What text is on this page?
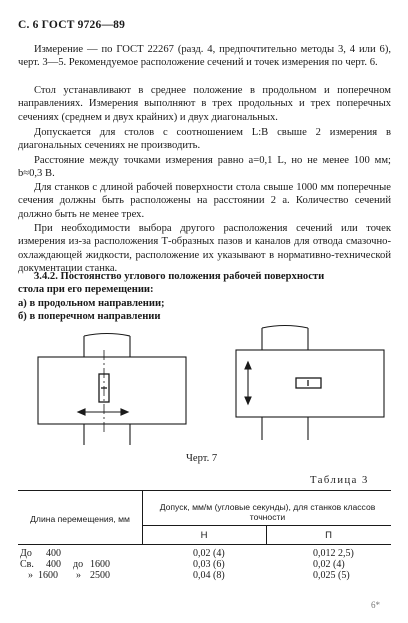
С. 6 ГОСТ 9726—89

Измерение — по ГОСТ 22267 (разд. 4, предпочтительно методы 3, 4 или 6), черт. 3—5. Рекомендуемое расположение сечений и точек измерения по черт. 6.

Стол устанавливают в среднее положение в продольном и поперечном направлениях. Измерения выполняют в трех продольных и трех поперечных сечениях (среднем и двух крайних) и двух диагональных.

Допускается для столов с соотношением L:B свыше 2 измерения в диагональных сечениях не производить.

Расстояние между точками измерения равно a=0,1 L, но не менее 100 мм; b≈0,3 B.

Для станков с длиной рабочей поверхности стола свыше 1000 мм поперечные сечения должны быть расположены на расстоянии 2 a. Количество сечений должно быть не менее трех.

При необходимости выбора другого расположения сечений или точек измерения из-за расположения Т-образных пазов и каналов для отвода смазочно-охлаждающей жидкости, расположение их указывают в нормативно-технической документации станка.

3.4.2. Постоянство углового положения рабочей поверхности
стола при его перемещении:
а) в продольном направлении;
б) в поперечном направлении
Черт. 7
Таблица 3
Длина перемещения, мм
Допуск, мм/м (угловые секунды), для станков классов
точности
Н	П
До 400	0,02 (4)	0,012 2,5)
Св. 400 до 1600	0,03 (6)	0,02 (4)
» 1600 » 2500	0,04 (8)	0,025 (5)
6*
